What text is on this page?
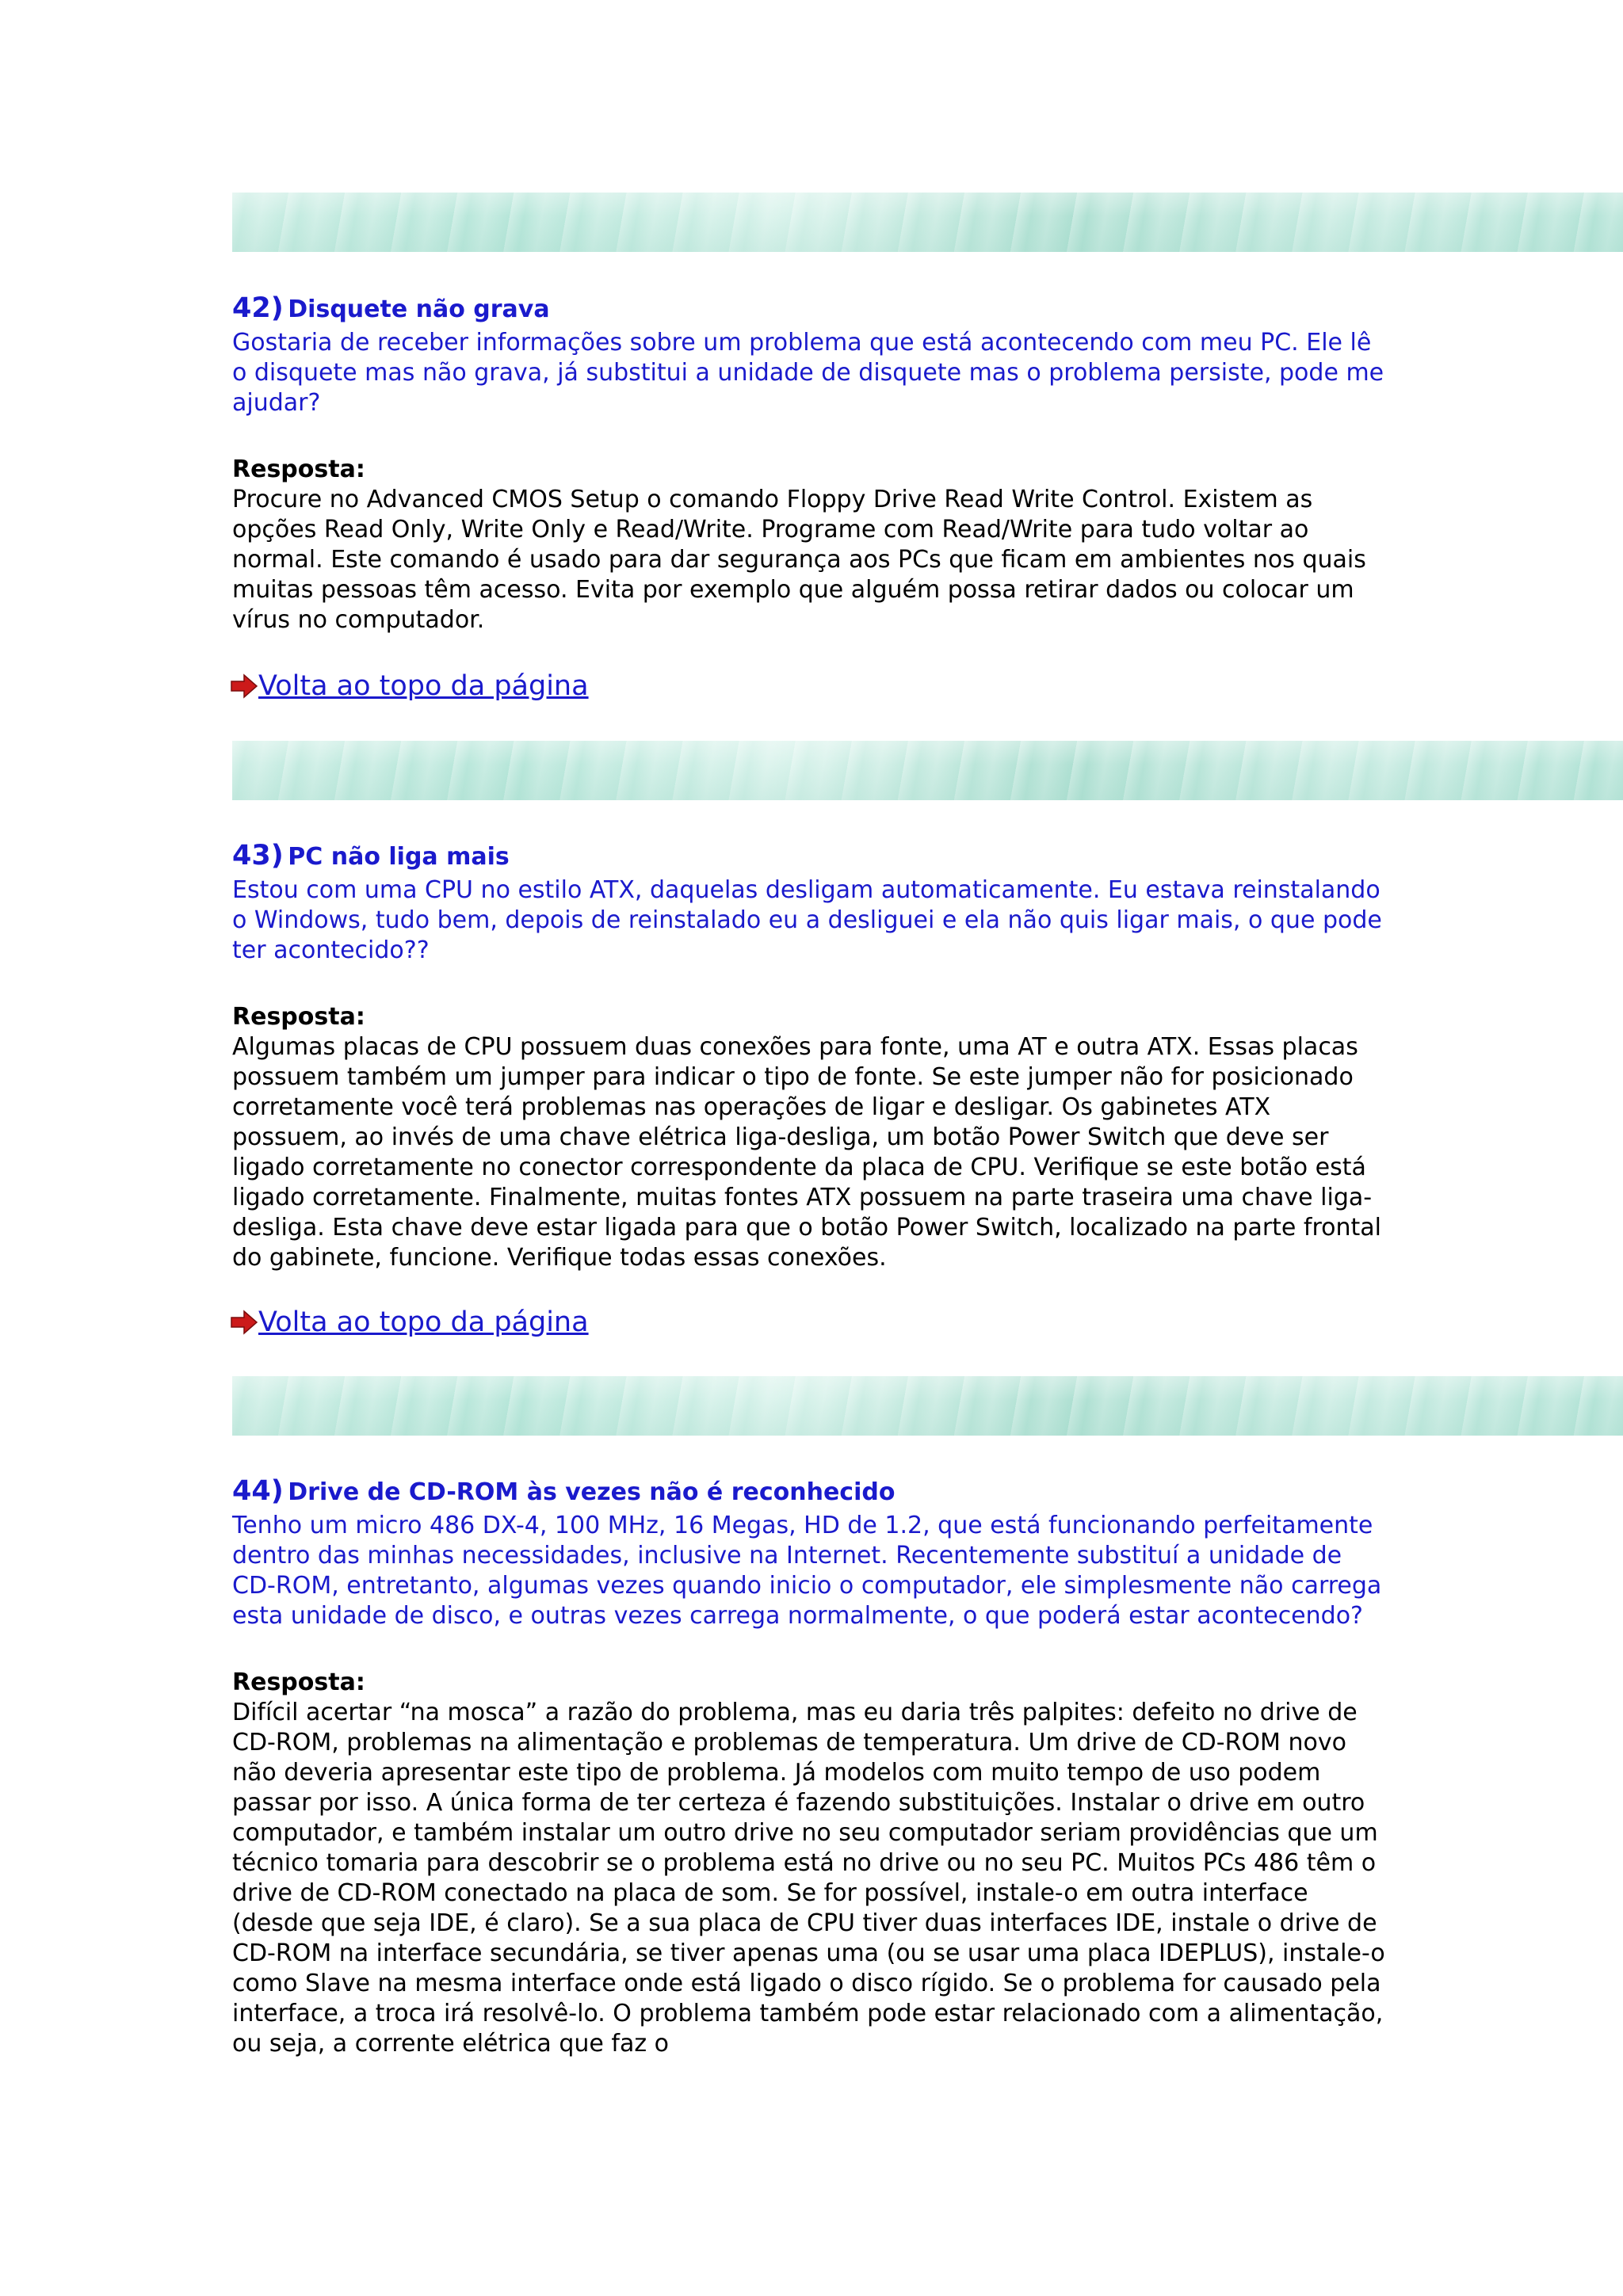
42) Disquete não grava

Gostaria de receber informações sobre um problema que está acontecendo com meu PC. Ele lê o disquete mas não grava, já substitui a unidade de disquete mas o problema persiste, pode me ajudar?

Resposta:

Procure no Advanced CMOS Setup o comando Floppy Drive Read Write Control. Existem as opções Read Only, Write Only e Read/Write. Programe com Read/Write para tudo voltar ao normal. Este comando é usado para dar segurança aos PCs que ficam em ambientes nos quais muitas pessoas têm acesso. Evita por exemplo que alguém possa retirar dados ou colocar um vírus no computador.

Volta ao topo da página

43) PC não liga mais

Estou com uma CPU no estilo ATX, daquelas desligam automaticamente. Eu estava reinstalando o Windows, tudo bem, depois de reinstalado eu a desliguei e ela não quis ligar mais, o que pode ter acontecido??

Resposta:

Algumas placas de CPU possuem duas conexões para fonte, uma AT e outra ATX. Essas placas possuem também um jumper para indicar o tipo de fonte. Se este jumper não for posicionado corretamente você terá problemas nas operações de ligar e desligar. Os gabinetes ATX possuem, ao invés de uma chave elétrica liga-desliga, um botão Power Switch que deve ser ligado corretamente no conector correspondente da placa de CPU. Verifique se este botão está ligado corretamente. Finalmente, muitas fontes ATX possuem na parte traseira uma chave liga-desliga. Esta chave deve estar ligada para que o botão Power Switch, localizado na parte frontal do gabinete, funcione. Verifique todas essas conexões.

Volta ao topo da página

44) Drive de CD-ROM às vezes não é reconhecido

Tenho um micro 486 DX-4, 100 MHz, 16 Megas, HD de 1.2, que está funcionando perfeitamente dentro das minhas necessidades, inclusive na Internet. Recentemente substituí a unidade de CD-ROM, entretanto, algumas vezes quando inicio o computador, ele simplesmente não carrega esta unidade de disco, e outras vezes carrega normalmente, o que poderá estar acontecendo?

Resposta:

Difícil acertar “na mosca” a razão do problema, mas eu daria três palpites: defeito no drive de CD-ROM, problemas na alimentação e problemas de temperatura. Um drive de CD-ROM novo não deveria apresentar este tipo de problema. Já modelos com muito tempo de uso podem passar por isso. A única forma de ter certeza é fazendo substituições. Instalar o drive em outro computador, e também instalar um outro drive no seu computador seriam providências que um técnico tomaria para descobrir se o problema está no drive ou no seu PC. Muitos PCs 486 têm o drive de CD-ROM conectado na placa de som. Se for possível, instale-o em outra interface (desde que seja IDE, é claro). Se a sua placa de CPU tiver duas interfaces IDE, instale o drive de CD-ROM na interface secundária, se tiver apenas uma (ou se usar uma placa IDEPLUS), instale-o como Slave na mesma interface onde está ligado o disco rígido. Se o problema for causado pela interface, a troca irá resolvê-lo. O problema também pode estar relacionado com a alimentação, ou seja, a corrente elétrica que faz o
